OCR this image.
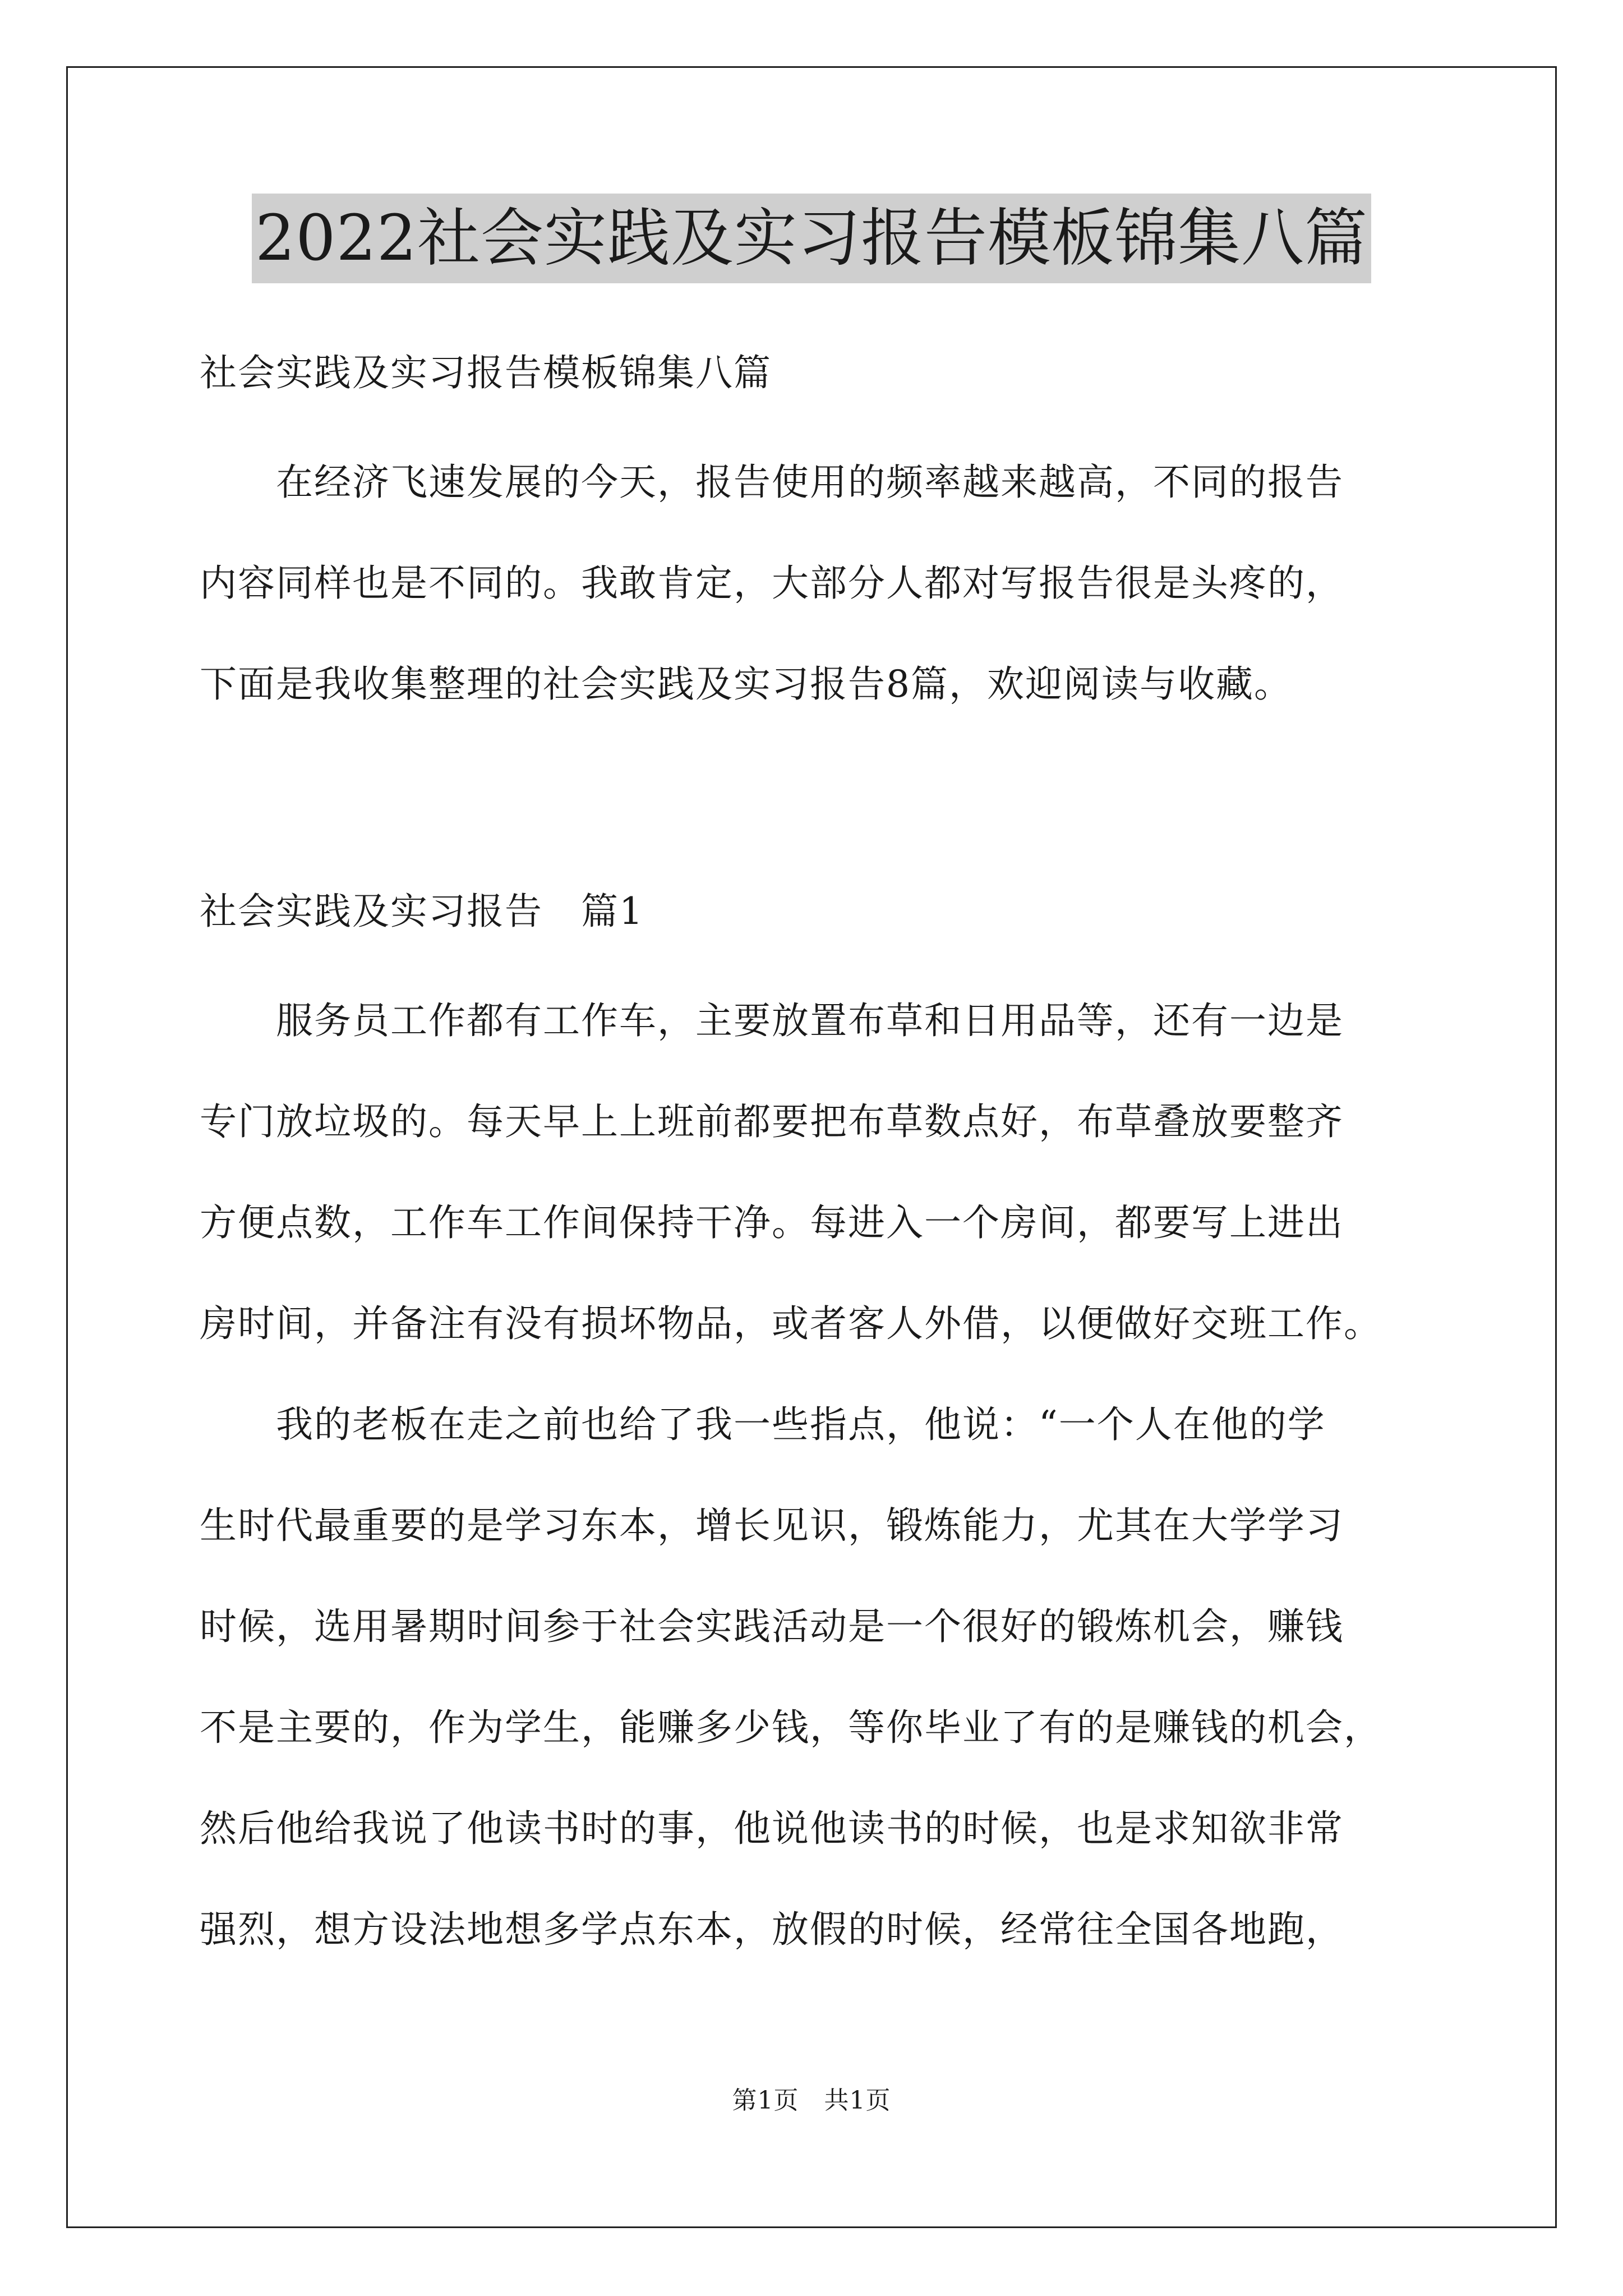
2022社会实践及实习报告模板锦集八篇
社会实践及实习报告模板锦集八篇
　　在经济飞速发展的今天，报告使用的频率越来越高，不同的报告
内容同样也是不同的。我敢肯定，大部分人都对写报告很是头疼的，
下面是我收集整理的社会实践及实习报告8篇，欢迎阅读与收藏。
社会实践及实习报告　篇1
　　服务员工作都有工作车，主要放置布草和日用品等，还有一边是
专门放垃圾的。每天早上上班前都要把布草数点好，布草叠放要整齐
方便点数，工作车工作间保持干净。每进入一个房间，都要写上进出
房时间，并备注有没有损坏物品，或者客人外借，以便做好交班工作。
　　我的老板在走之前也给了我一些指点，他说：“一个人在他的学
生时代最重要的是学习东本，增长见识，锻炼能力，尤其在大学学习
时候，选用暑期时间参于社会实践活动是一个很好的锻炼机会，赚钱
不是主要的，作为学生，能赚多少钱，等你毕业了有的是赚钱的机会，
然后他给我说了他读书时的事，他说他读书的时候，也是求知欲非常
强烈，想方设法地想多学点东本，放假的时候，经常往全国各地跑，
第1页　共1页
